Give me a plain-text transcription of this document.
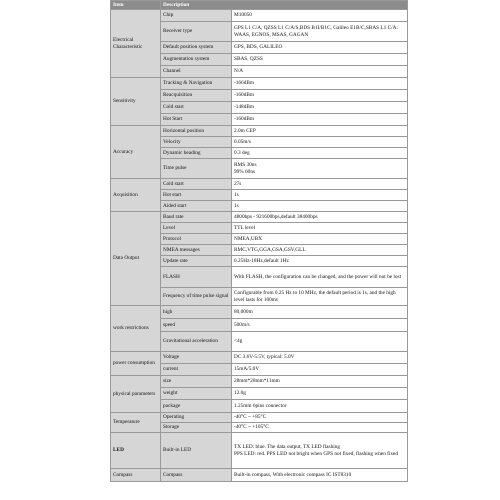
Item	Description	
Electrical Characteristic	Chip	M10050
	Receiver type	GPS L1 C/A, QZSS L1 C/A/S,BDS B1I/B1C, Galileo E1B/C,SBAS L1 C/A: WAAS, EGNOS, MSAS, GAGAN
	Default position system	GPS, BDS, GALILEO
	Augmentation system	SBAS, QZSS
	Channel	N/A
Sensitivity	Tracking & Navigation	-166dBm
	Reacquisition	-160dBm
	Cold start	-148dBm
	Hot Start	-160dBm
Accuracy	Horizontal position	2.0m CEP
	Velocity	0.05m/s
	Dynamic heading	0.3 deg
	Time pulse	RMS 30ns
99% 60ns
Acquisition	Cold start	27s
	Hot start	1s
	Aided start	1s
Data Output	Baud rate	4800bps - 921600bps,default 38400bps
	Level	TTL level
	Protocol	NMEA,UBX
	NMEA messages	RMC,VTG,GGA,GSA,GSV,GLL
	Update rate	0.25Hz-18Hz,default 1Hz
	FLASH	With FLASH, the configuration can be changed, and the power will not be lost
	Frequency of time pulse signal	Configurable from 0.25 Hz to 10 MHz, the default period is 1s, and the high level lasts for 100ms
work restrictions	high	80,000m
	speed	500m/s
	Gravitational acceleration	<4g
power consumption	Voltage	DC 3.6V-5.5V, typical: 5.0V
	current	15mA/5.0V
physical parameters	size	28mm*28mm*11mm
	weight	12.0g
	package	1.25mm 6pins connector
Temperature	Operating	-40°C ~ +85°C
	Storage	-40°C ~ +105°C
LED	Built-in LED	TX LED: blue. The data output, TX LED flashing
PPS LED: red. PPS LED not bright when GPS not fixed, flashing when fixed
Compass	Compass	Built-in compass, With electronic compass IC IST8310
